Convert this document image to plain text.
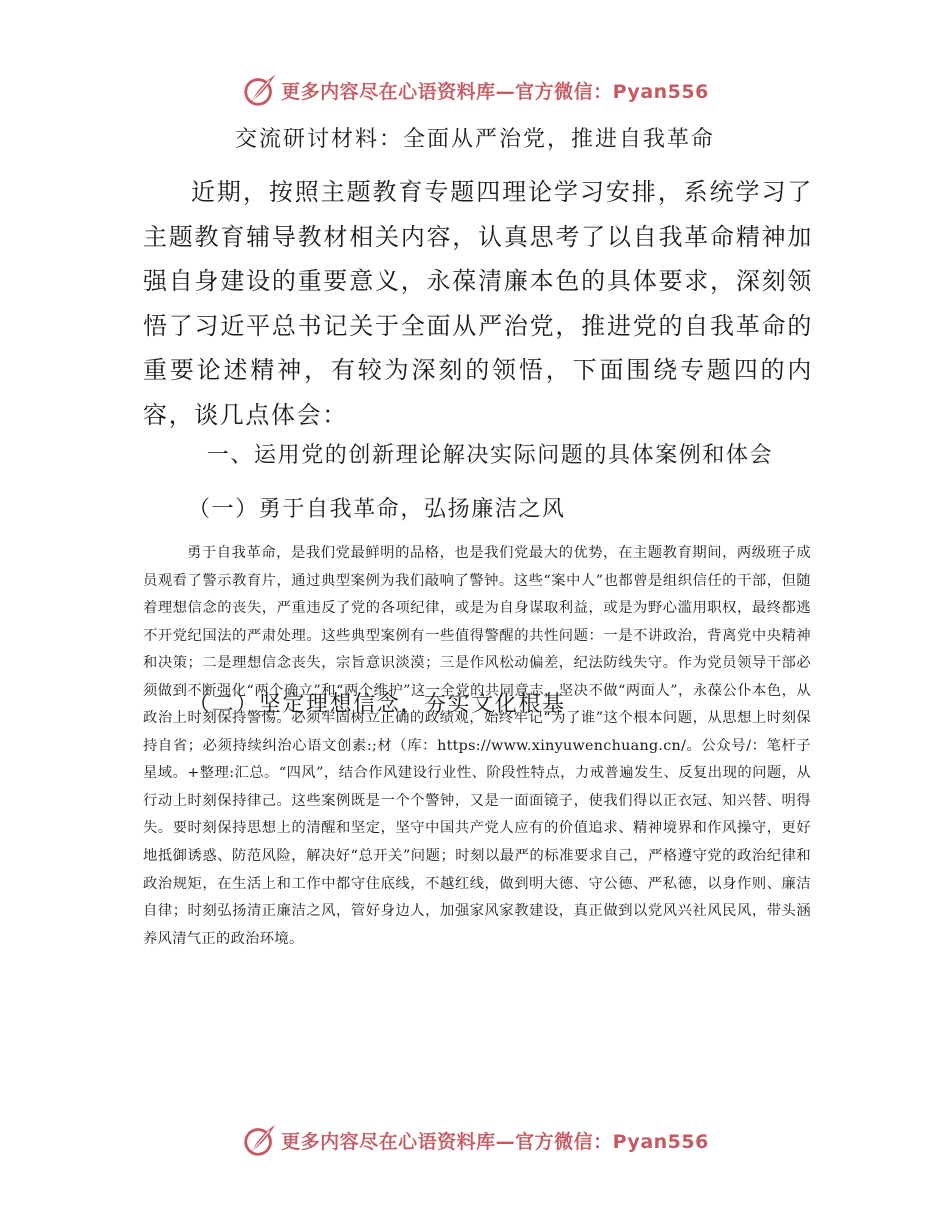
更多内容尽在心语资料库—官方微信：Pyan556
交流研讨材料：全面从严治党，推进自我革命

近期，按照主题教育专题四理论学习安排，系统学习了主题教育辅导教材相关内容，认真思考了以自我革命精神加强自身建设的重要意义，永葆清廉本色的具体要求，深刻领悟了习近平总书记关于全面从严治党，推进党的自我革命的重要论述精神，有较为深刻的领悟，下面围绕专题四的内容，谈几点体会：

一、运用党的创新理论解决实际问题的具体案例和体会
（一）勇于自我革命，弘扬廉洁之风

勇于自我革命，是我们党最鲜明的品格，也是我们党最大的优势，在主题教育期间，两级班子成员观看了警示教育片，通过典型案例为我们敲响了警钟。这些“案中人”也都曾是组织信任的干部，但随着理想信念的丧失，严重违反了党的各项纪律，或是为自身谋取利益，或是为野心滥用职权，最终都逃不开党纪国法的严肃处理。这些典型案例有一些值得警醒的共性问题：一是不讲政治，背离党中央精神和决策；二是理想信念丧失，宗旨意识淡漠；三是作风松动偏差，纪法防线失守。作为党员领导干部必须做到不断强化“两个确立”和“两个维护”这一全党的共同意志，坚决不做“两面人”，永葆公仆本色，从政治上时刻保持警惕。必须牢固树立正确的政绩观，始终牢记“为了谁”这个根本问题，从思想上时刻保持自省；必须持续纠治心语文创素:;材（库：https://www.xinyuwenchuang.cn/。公众号/：笔杆子星域。+整理:汇总。“四风”，结合作风建设行业性、阶段性特点，力戒普遍发生、反复出现的问题，从行动上时刻保持律己。这些案例既是一个个警钟，又是一面面镜子，使我们得以正衣冠、知兴替、明得失。要时刻保持思想上的清醒和坚定，坚守中国共产党人应有的价值追求、精神境界和作风操守，更好地抵御诱惑、防范风险，解决好“总开关”问题；时刻以最严的标准要求自己，严格遵守党的政治纪律和政治规矩，在生活上和工作中都守住底线，不越红线，做到明大德、守公德、严私德，以身作则、廉洁自律；时刻弘扬清正廉洁之风，管好身边人，加强家风家教建设，真正做到以党风兴社风民风，带头涵养风清气正的政治环境。

（二）坚定理想信念，夯实文化根基
更多内容尽在心语资料库—官方微信：Pyan556
